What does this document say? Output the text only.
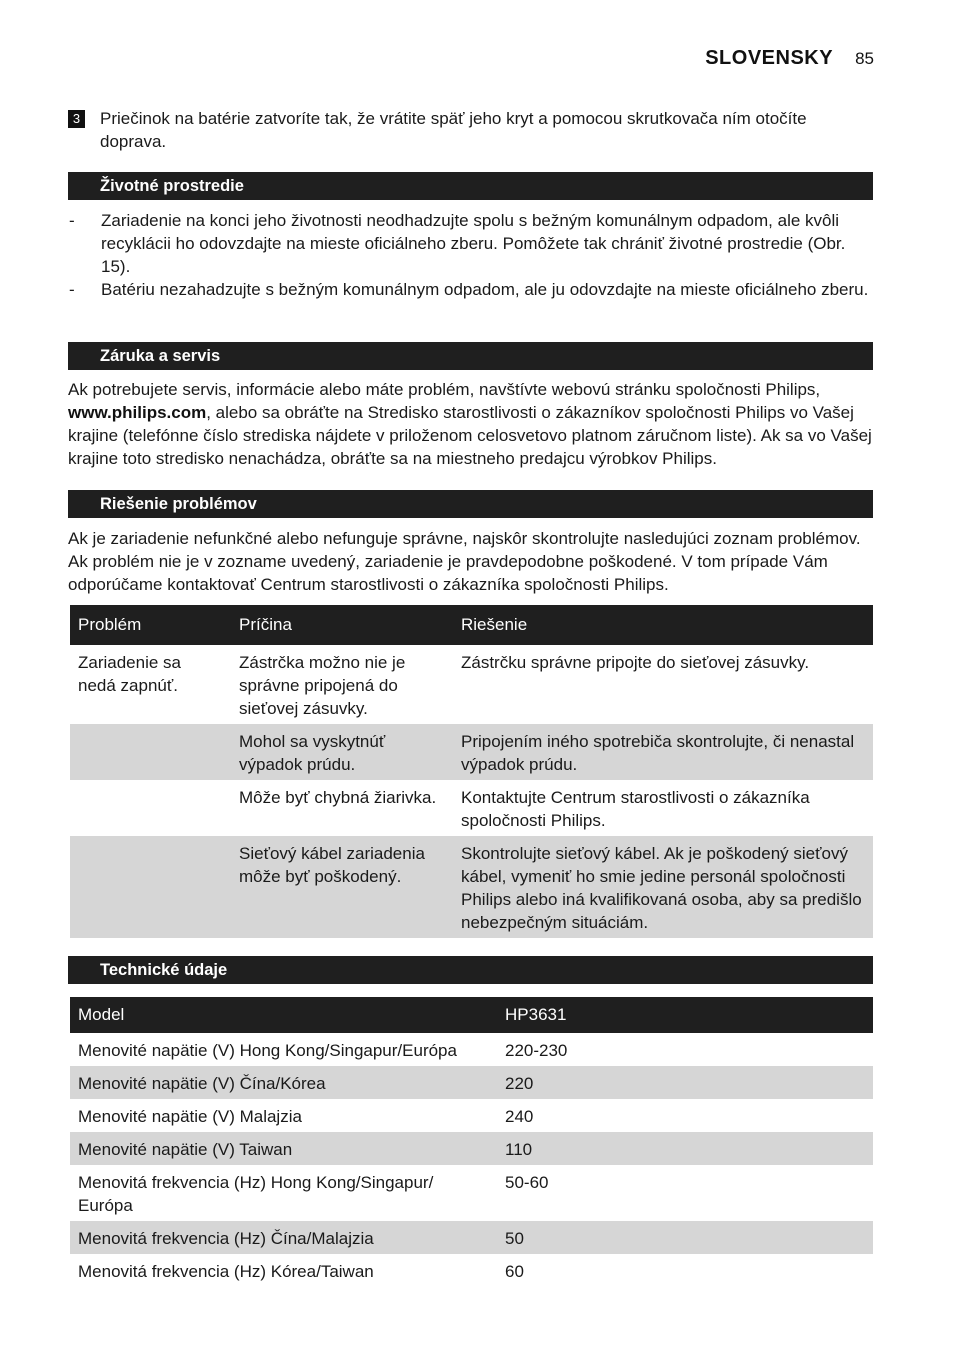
SLOVENSKY 85
3 Priečinok na batérie zatvoríte tak, že vrátite späť jeho kryt a pomocou skrutkovača ním otočíte doprava.
Životné prostredie
-	Zariadenie na konci jeho životnosti neodhadzujte spolu s bežným komunálnym odpadom, ale kvôli recyklácii ho odovzdajte na mieste oficiálneho zberu. Pomôžete tak chrániť životné prostredie (Obr. 15).
-	Batériu nezahadzujte s bežným komunálnym odpadom, ale ju odovzdajte na mieste oficiálneho zberu.
Záruka a servis
Ak potrebujete servis, informácie alebo máte problém, navštívte webovú stránku spoločnosti Philips, www.philips.com, alebo sa obráťte na Stredisko starostlivosti o zákazníkov spoločnosti Philips vo Vašej krajine (telefónne číslo strediska nájdete v priloženom celosvetovo platnom záručnom liste). Ak sa vo Vašej krajine toto stredisko nenachádza, obráťte sa na miestneho predajcu výrobkov Philips.
Riešenie problémov
Ak je zariadenie nefunkčné alebo nefunguje správne, najskôr skontrolujte nasledujúci zoznam problémov. Ak problém nie je v zozname uvedený, zariadenie je pravdepodobne poškodené. V tom prípade Vám odporúčame kontaktovať Centrum starostlivosti o zákazníka spoločnosti Philips.
Problém	Príčina	Riešenie
Zariadenie sa nedá zapnúť.	Zástrčka možno nie je správne pripojená do sieťovej zásuvky.	Zástrčku správne pripojte do sieťovej zásuvky.
	Mohol sa vyskytnúť výpadok prúdu.	Pripojením iného spotrebiča skontrolujte, či nenastal výpadok prúdu.
	Môže byť chybná žiarivka.	Kontaktujte Centrum starostlivosti o zákazníka spoločnosti Philips.
	Sieťový kábel zariadenia môže byť poškodený.	Skontrolujte sieťový kábel. Ak je poškodený sieťový kábel, vymeniť ho smie jedine personál spoločnosti Philips alebo iná kvalifikovaná osoba, aby sa predišlo nebezpečným situáciám.
Technické údaje
Model	HP3631
Menovité napätie (V) Hong Kong/Singapur/Európa	220-230
Menovité napätie (V) Čína/Kórea	220
Menovité napätie (V) Malajzia	240
Menovité napätie (V) Taiwan	110
Menovitá frekvencia (Hz) Hong Kong/Singapur/ Európa	50-60
Menovitá frekvencia (Hz) Čína/Malajzia	50
Menovitá frekvencia (Hz) Kórea/Taiwan	60
